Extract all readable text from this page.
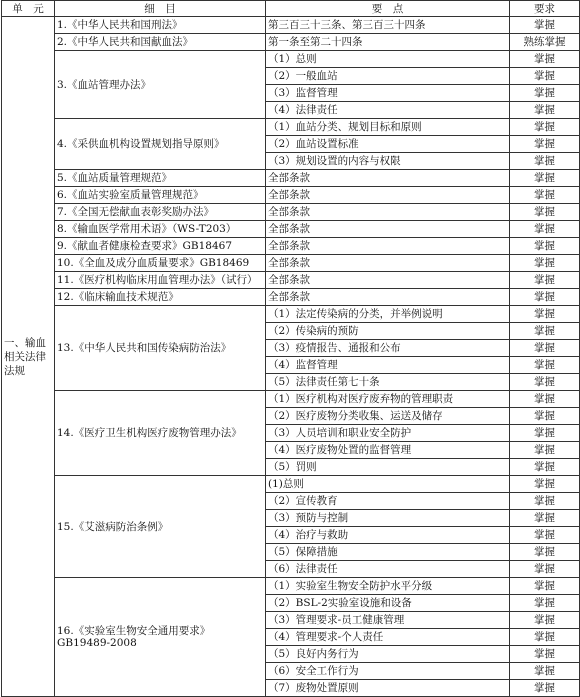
单　元	细　目	要　点	要求
一、输血相关法律法规	1.《中华人民共和国刑法》	第三百三十三条、第三百三十四条	掌握
	2.《中华人民共和国献血法》	第一条至第二十四条	熟练掌握
	3.《血站管理办法》	（1）总则	掌握
		（2）一般血站	掌握
		（3）监督管理	掌握
		（4）法律责任	掌握
	4.《采供血机构设置规划指导原则》	（1）血站分类、规划目标和原则	掌握
		（2）血站设置标准	掌握
		（3）规划设置的内容与权限	掌握
	5.《血站质量管理规范》	全部条款	掌握
	6.《血站实验室质量管理规范》	全部条款	掌握
	7.《全国无偿献血表彰奖励办法》	全部条款	掌握
	8.《输血医学常用术语》（WS-T203）	全部条款	掌握
	9.《献血者健康检查要求》GB18467	全部条款	掌握
	10.《全血及成分血质量要求》GB18469	全部条款	掌握
	11.《医疗机构临床用血管理办法》（试行）	全部条款	掌握
	12.《临床输血技术规范》	全部条款	掌握
	13.《中华人民共和国传染病防治法》	（1）法定传染病的分类，并举例说明	掌握
		（2）传染病的预防	掌握
		（3）疫情报告、通报和公布	掌握
		（4）监督管理	掌握
		（5）法律责任第七十条	掌握
	14.《医疗卫生机构医疗废物管理办法》	（1）医疗机构对医疗废弃物的管理职责	掌握
		（2）医疗废物分类收集、运送及储存	掌握
		（3）人员培训和职业安全防护	掌握
		（4）医疗废物处置的监督管理	掌握
		（5）罚则	掌握
	15.《艾滋病防治条例》	(1)总则	掌握
		（2）宣传教育	掌握
		（3）预防与控制	掌握
		（4）治疗与救助	掌握
		（5）保障措施	掌握
		（6）法律责任	掌握
	16.《实验室生物安全通用要求》GB19489-2008	（1）实验室生物安全防护水平分级	掌握
		（2）BSL-2实验室设施和设备	掌握
		（3）管理要求-员工健康管理	掌握
		（4）管理要求-个人责任	掌握
		（5）良好内务行为	掌握
		（6）安全工作行为	掌握
		（7）废物处置原则	掌握
